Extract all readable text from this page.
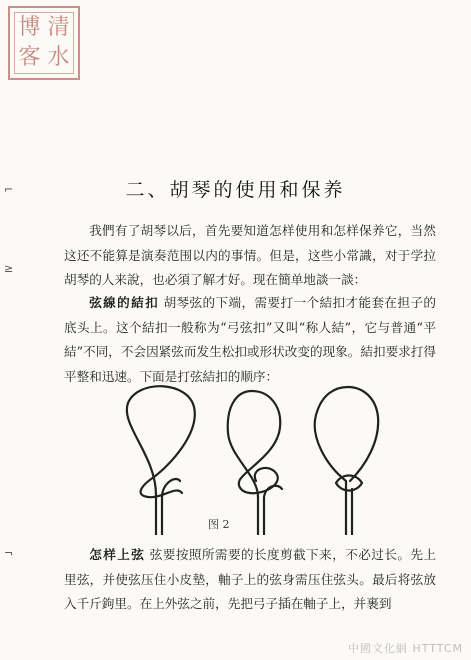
博 清
客 水
⌐
≥
¬
二、胡琴的使用和保养

我們有了胡琴以后，首先要知道怎样使用和怎样保养它，当然这还不能算是演奏范围以内的事情。但是，这些小常識，对于学拉胡琴的人来說，也必須了解才好。现在簡单地談一談：

弦線的結扣 胡琴弦的下端，需要打一个結扣才能套在担子的底头上。这个結扣一般称为“弓弦扣”又叫“称人結”，它与普通“平結”不同，不会因紧弦而发生松扣或形状改变的现象。結扣要求打得平整和迅速。下面是打弦結扣的顺序：

图 2

怎样上弦 弦要按照所需要的长度剪截下来，不必过长。先上里弦，并使弦压住小皮墊，軸子上的弦身需压住弦头。最后将弦放入千斤鉤里。在上外弦之前，先把弓子插在軸子上，并裹到

中國文化網 HTTTCM
